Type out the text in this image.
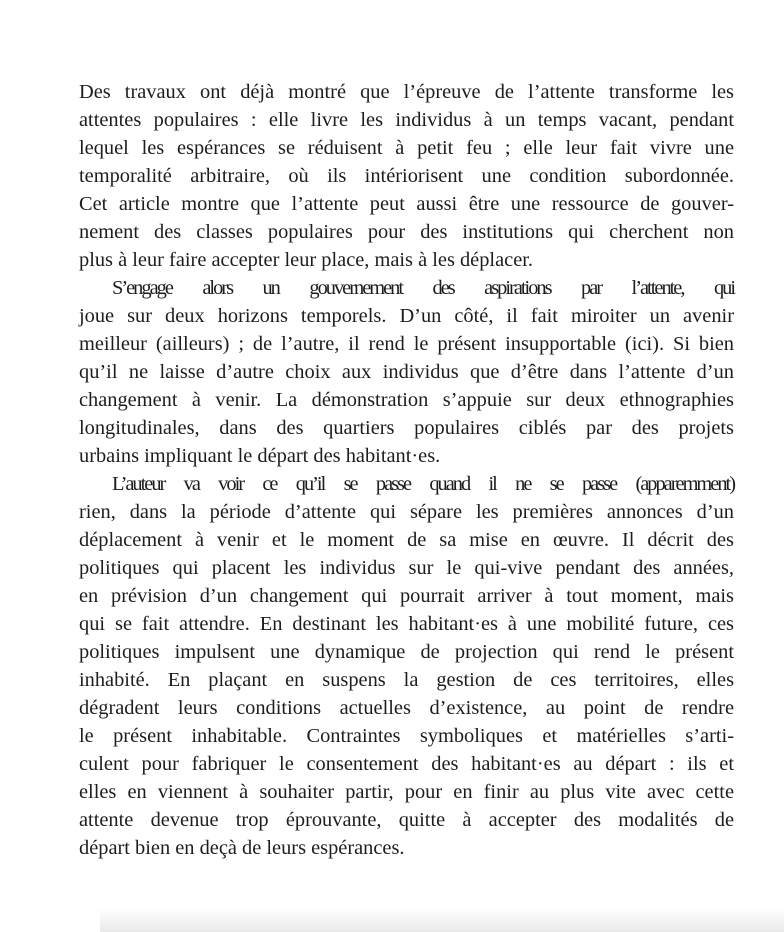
Des travaux ont déjà montré que l’épreuve de l’attente transforme les
attentes populaires : elle livre les individus à un temps vacant, pendant
lequel les espérances se réduisent à petit feu ; elle leur fait vivre une
temporalité arbitraire, où ils intériorisent une condition subordonnée.
Cet article montre que l’attente peut aussi être une ressource de gouver-
nement des classes populaires pour des institutions qui cherchent non
plus à leur faire accepter leur place, mais à les déplacer.

S’engage alors un gouvernement des aspirations par l’attente, qui
joue sur deux horizons temporels. D’un côté, il fait miroiter un avenir
meilleur (ailleurs) ; de l’autre, il rend le présent insupportable (ici). Si bien
qu’il ne laisse d’autre choix aux individus que d’être dans l’attente d’un
changement à venir. La démonstration s’appuie sur deux ethnographies
longitudinales, dans des quartiers populaires ciblés par des projets
urbains impliquant le départ des habitant·es.

L’auteur va voir ce qu’il se passe quand il ne se passe (apparemment)
rien, dans la période d’attente qui sépare les premières annonces d’un
déplacement à venir et le moment de sa mise en œuvre. Il décrit des
politiques qui placent les individus sur le qui-vive pendant des années,
en prévision d’un changement qui pourrait arriver à tout moment, mais
qui se fait attendre. En destinant les habitant·es à une mobilité future, ces
politiques impulsent une dynamique de projection qui rend le présent
inhabité. En plaçant en suspens la gestion de ces territoires, elles
dégradent leurs conditions actuelles d’existence, au point de rendre
le présent inhabitable. Contraintes symboliques et matérielles s’arti-
culent pour fabriquer le consentement des habitant·es au départ : ils et
elles en viennent à souhaiter partir, pour en finir au plus vite avec cette
attente devenue trop éprouvante, quitte à accepter des modalités de
départ bien en deçà de leurs espérances.
